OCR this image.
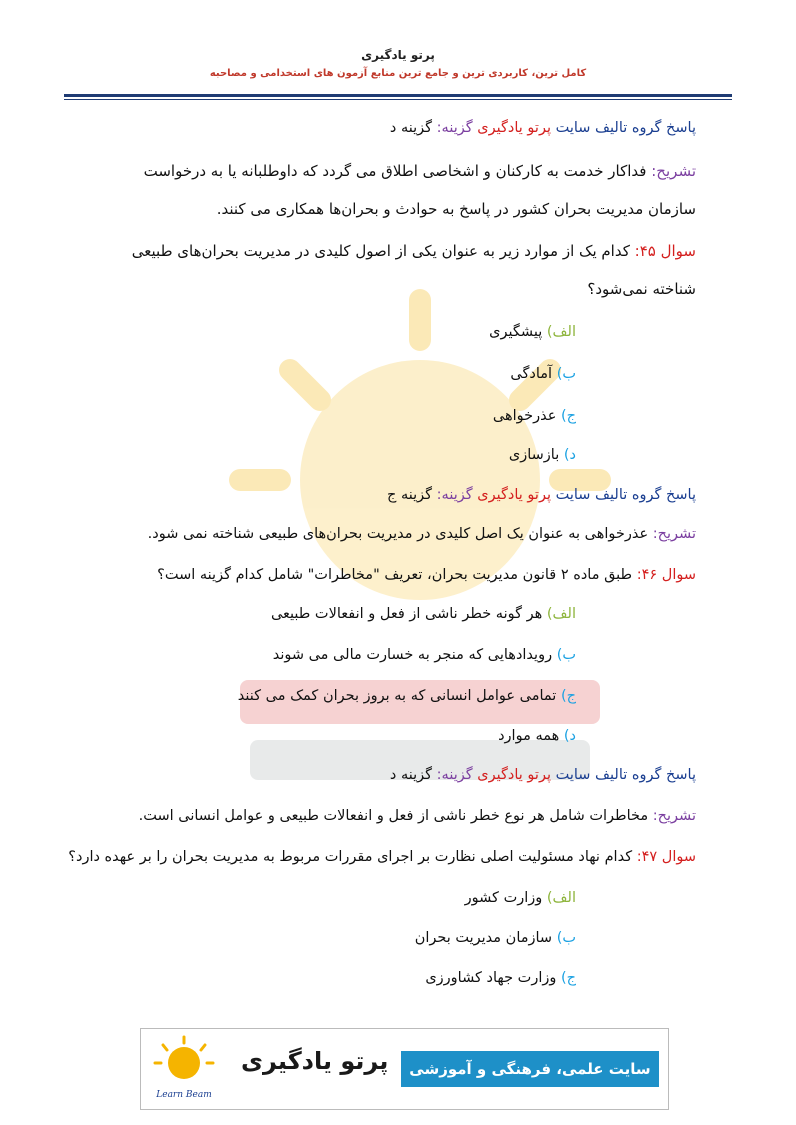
پرتو یادگیری
کامل ترین، کاربردی ترین و جامع ترین منابع آزمون های استخدامی و مصاحبه
پاسخ گروه تالیف سایت پرتو یادگیری گزینه: گزینه د
تشریح: فداکار خدمت به کارکنان و اشخاصی اطلاق می گردد که داوطلبانه یا به درخواست سازمان مدیریت بحران کشور در پاسخ به حوادث و بحران‌ها همکاری می کنند.
سوال ۴۵: کدام یک از موارد زیر به عنوان یکی از اصول کلیدی در مدیریت بحران‌های طبیعی شناخته نمی‌شود؟
الف) پیشگیری
ب) آمادگی
ج) عذرخواهی
د) بازسازی
پاسخ گروه تالیف سایت پرتو یادگیری گزینه: گزینه ج
تشریح: عذرخواهی به عنوان یک اصل کلیدی در مدیریت بحران‌های طبیعی شناخته نمی شود.
سوال ۴۶: طبق ماده ۲ قانون مدیریت بحران، تعریف "مخاطرات" شامل کدام گزینه است؟
الف) هر گونه خطر ناشی از فعل و انفعالات طبیعی
ب) رویدادهایی که منجر به خسارت مالی می شوند
ج) تمامی عوامل انسانی که به بروز بحران کمک می کنند
د) همه موارد
پاسخ گروه تالیف سایت پرتو یادگیری گزینه: گزینه د
تشریح: مخاطرات شامل هر نوع خطر ناشی از فعل و انفعالات طبیعی و عوامل انسانی است.
سوال ۴۷: کدام نهاد مسئولیت اصلی نظارت بر اجرای مقررات مربوط به مدیریت بحران را بر عهده دارد؟
الف) وزارت کشور
ب) سازمان مدیریت بحران
ج) وزارت جهاد کشاورزی
Learn Beam
پرتو یادگیری	سایت علمی، فرهنگی و آموزشی
